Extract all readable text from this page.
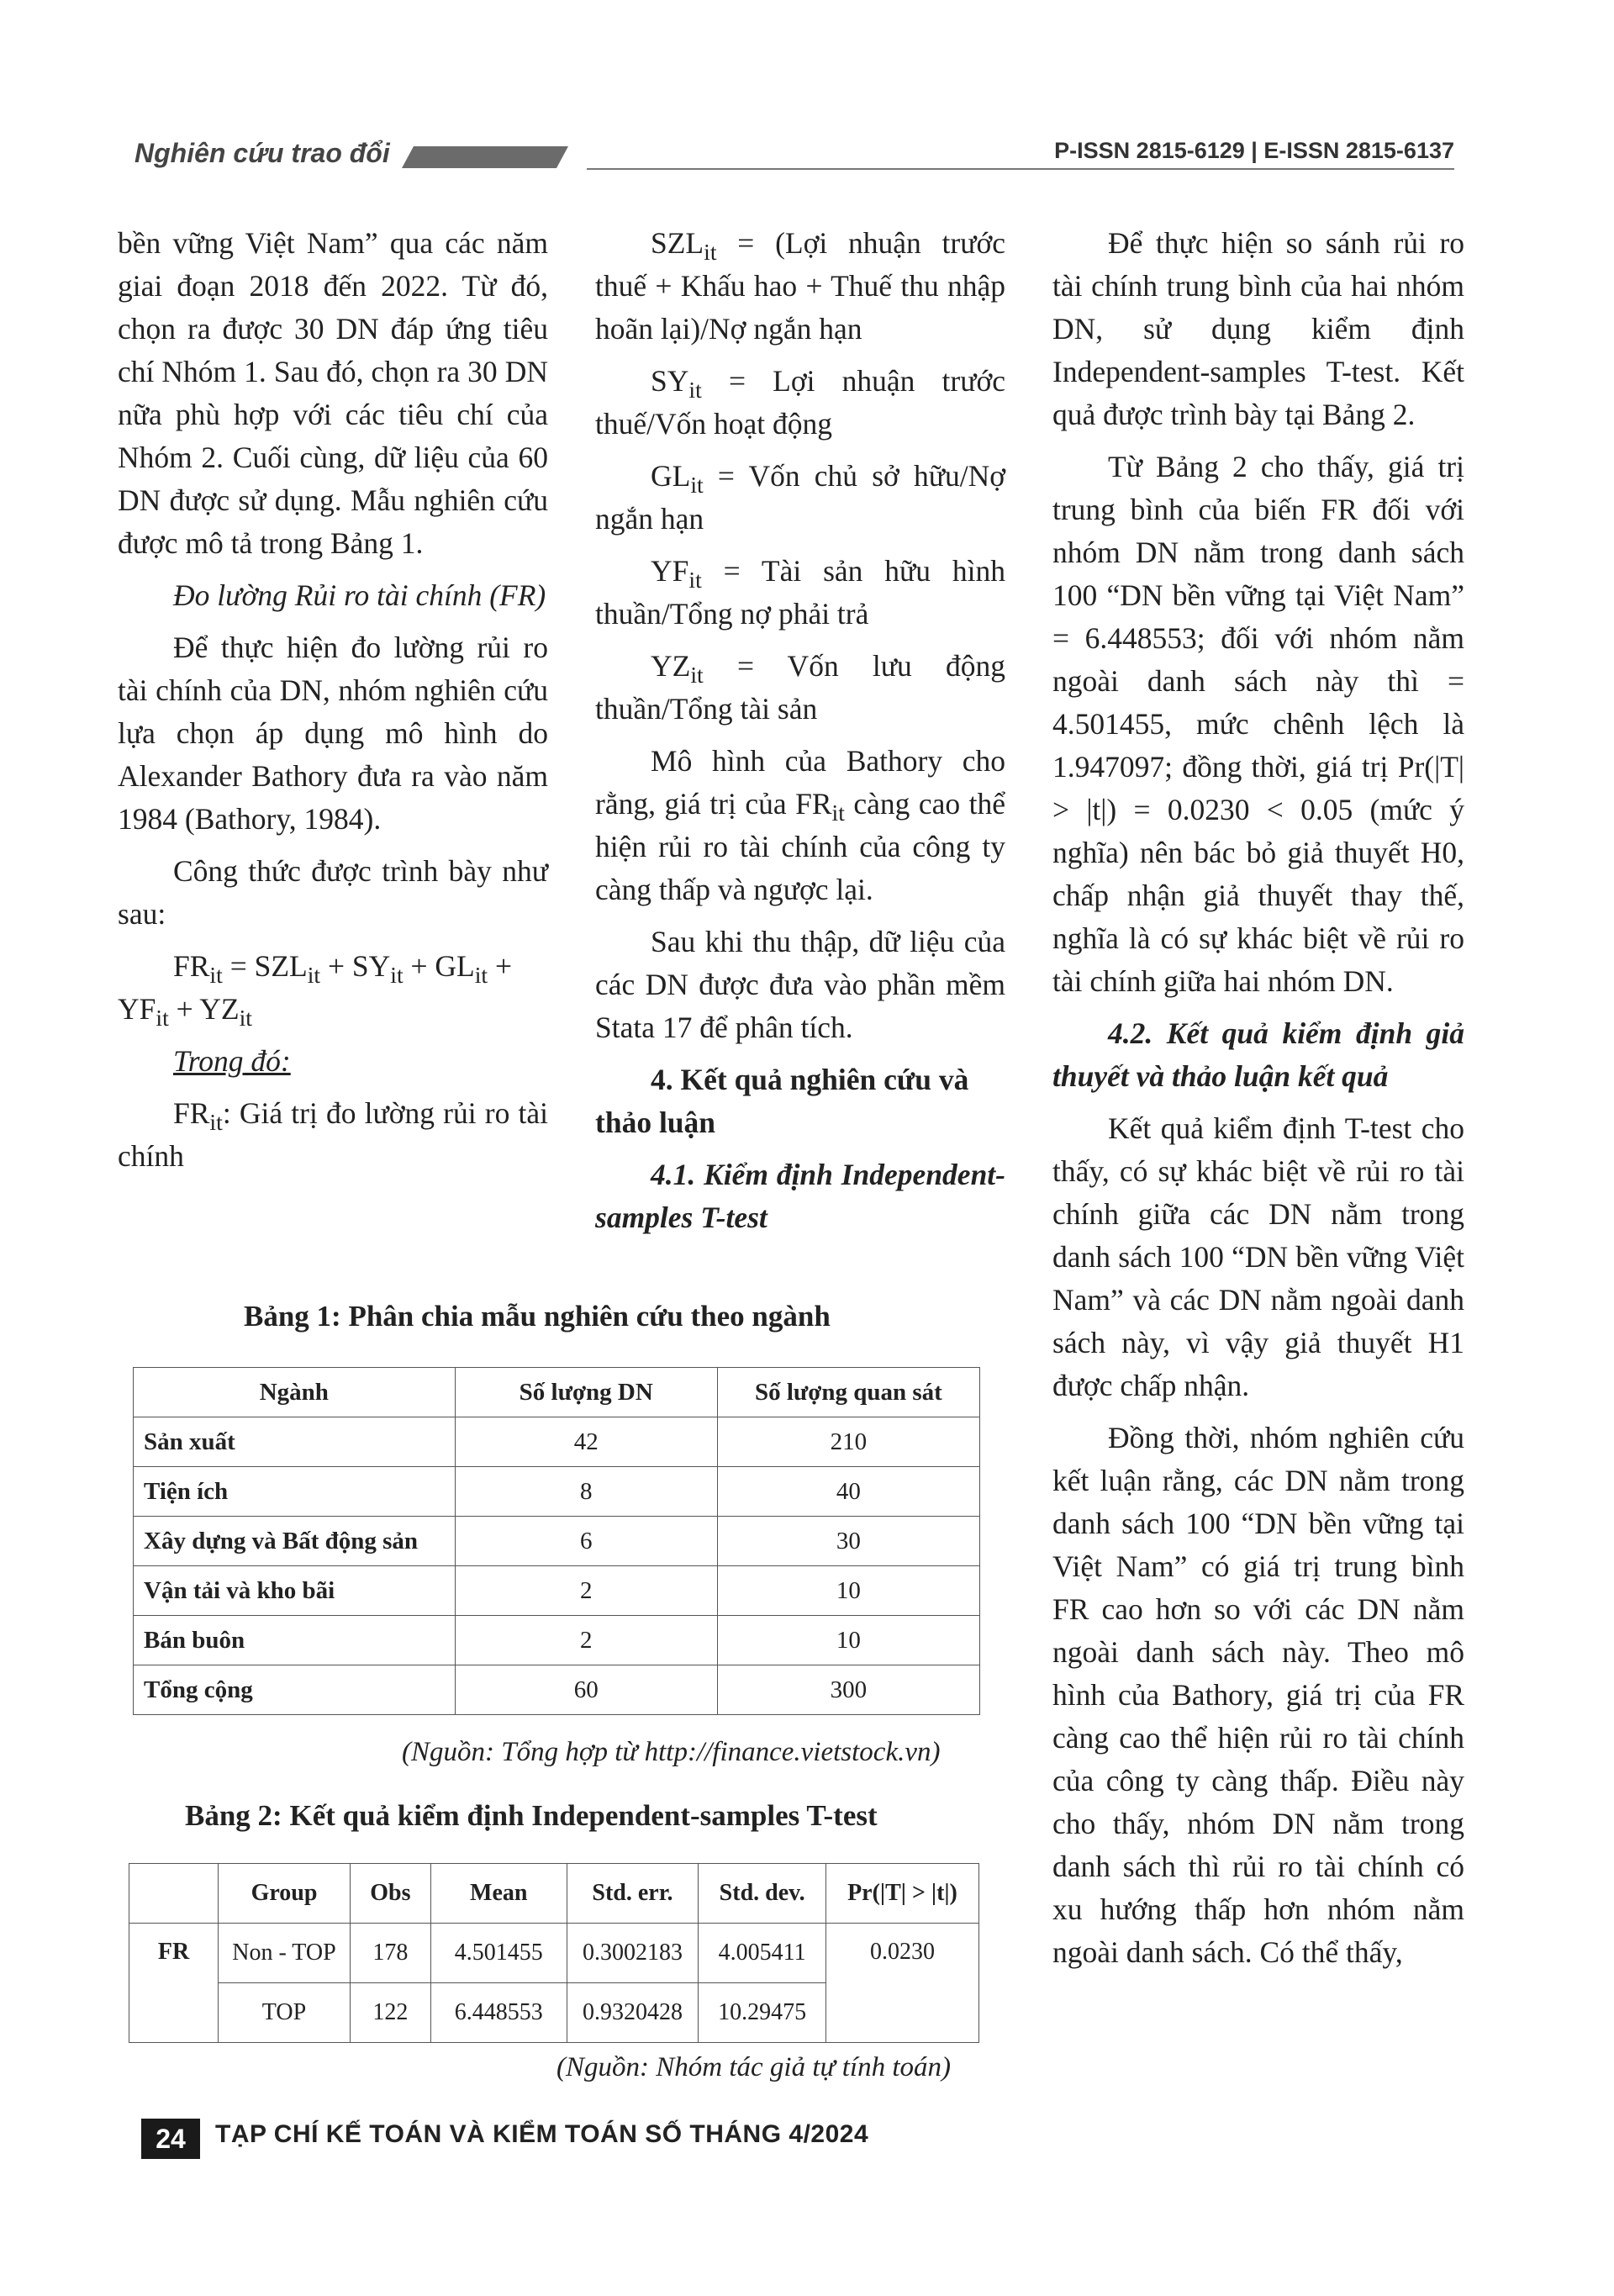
Nghiên cứu trao đổi	P-ISSN 2815-6129 | E-ISSN 2815-6137

bền vững Việt Nam” qua các năm giai đoạn 2018 đến 2022. Từ đó, chọn ra được 30 DN đáp ứng tiêu chí Nhóm 1. Sau đó, chọn ra 30 DN nữa phù hợp với các tiêu chí của Nhóm 2. Cuối cùng, dữ liệu của 60 DN được sử dụng. Mẫu nghiên cứu được mô tả trong Bảng 1.

Đo lường Rủi ro tài chính (FR)

Để thực hiện đo lường rủi ro tài chính của DN, nhóm nghiên cứu lựa chọn áp dụng mô hình do Alexander Bathory đưa ra vào năm 1984 (Bathory, 1984).

Công thức được trình bày như sau:

$FR_{it} = SZL_{it} + SY_{it} + GL_{it} + YF_{it} + YZ_{it}$

Trong đó:

$FR_{it}$: Giá trị đo lường rủi ro tài chính

$SZL_{it}$ = (Lợi nhuận trước thuế + Khấu hao + Thuế thu nhập hoãn lại)/Nợ ngắn hạn

$SY_{it}$ = Lợi nhuận trước thuế/Vốn hoạt động

$GL_{it}$ = Vốn chủ sở hữu/Nợ ngắn hạn

$YF_{it}$ = Tài sản hữu hình thuần/Tổng nợ phải trả

$YZ_{it}$ = Vốn lưu động thuần/Tổng tài sản

Mô hình của Bathory cho rằng, giá trị của $FR_{it}$ càng cao thể hiện rủi ro tài chính của công ty càng thấp và ngược lại.

Sau khi thu thập, dữ liệu của các DN được đưa vào phần mềm Stata 17 để phân tích.

4. Kết quả nghiên cứu và thảo luận
4.1. Kiểm định Independent-samples T-test

Để thực hiện so sánh rủi ro tài chính trung bình của hai nhóm DN, sử dụng kiểm định Independent-samples T-test. Kết quả được trình bày tại Bảng 2.

Từ Bảng 2 cho thấy, giá trị trung bình của biến FR đối với nhóm DN nằm trong danh sách 100 “DN bền vững tại Việt Nam” = 6.448553; đối với nhóm nằm ngoài danh sách này thì = 4.501455, mức chênh lệch là 1.947097; đồng thời, giá trị Pr(|T| > |t|) = 0.0230 < 0.05 (mức ý nghĩa) nên bác bỏ giả thuyết H0, chấp nhận giả thuyết thay thế, nghĩa là có sự khác biệt về rủi ro tài chính giữa hai nhóm DN.

4.2. Kết quả kiểm định giả thuyết và thảo luận kết quả

Kết quả kiểm định T-test cho thấy, có sự khác biệt về rủi ro tài chính giữa các DN nằm trong danh sách 100 “DN bền vững Việt Nam” và các DN nằm ngoài danh sách này, vì vậy giả thuyết H1 được chấp nhận.

Đồng thời, nhóm nghiên cứu kết luận rằng, các DN nằm trong danh sách 100 “DN bền vững tại Việt Nam” có giá trị trung bình FR cao hơn so với các DN nằm ngoài danh sách này. Theo mô hình của Bathory, giá trị của FR càng cao thể hiện rủi ro tài chính của công ty càng thấp. Điều này cho thấy, nhóm DN nằm trong danh sách thì rủi ro tài chính có xu hướng thấp hơn nhóm nằm ngoài danh sách. Có thể thấy,

Bảng 1: Phân chia mẫu nghiên cứu theo ngành
Ngành	Số lượng DN	Số lượng quan sát
Sản xuất	42	210
Tiện ích	8	40
Xây dựng và Bất động sản	6	30
Vận tải và kho bãi	2	10
Bán buôn	2	10
Tổng cộng	60	300
(Nguồn: Tổng hợp từ http://finance.vietstock.vn)
Bảng 2: Kết quả kiểm định Independent-samples T-test
	Group	Obs	Mean	Std. err.	Std. dev.	Pr(|T| > |t|)
FR	Non - TOP	178	4.501455	0.3002183	4.005411	0.0230
	TOP	122	6.448553	0.9320428	10.29475	
(Nguồn: Nhóm tác giả tự tính toán)
24	TẠP CHÍ KẾ TOÁN VÀ KIỂM TOÁN SỐ THÁNG 4/2024
